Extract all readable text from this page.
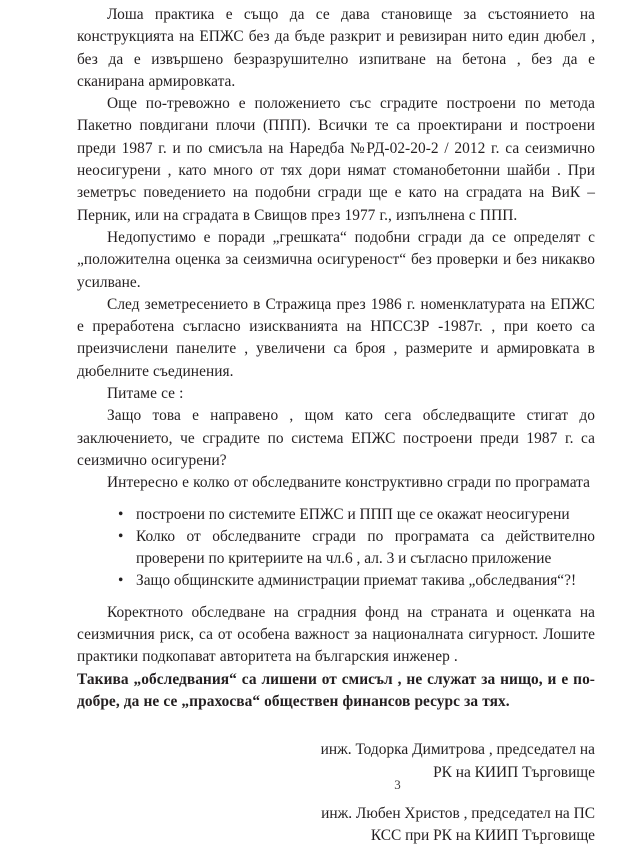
Лоша практика е също да се дава становище за състоянието на конструкцията на ЕПЖС без да бъде разкрит и ревизиран нито един дюбел , без да е извършено безразрушително изпитване на бетона , без да е сканирана армировката.

Още по-тревожно е положението със сградите построени по метода Пакетно повдигани плочи (ППП). Всички те са проектирани и построени преди 1987 г. и по смисъла на Наредба №РД-02-20-2 / 2012 г. са сеизмично неосигурени , като много от тях дори нямат стоманобетонни шайби . При земетръс поведението на подобни сгради ще е като на сградата на ВиК – Перник, или на сградата в Свищов през 1977 г., изпълнена с ППП.

Недопустимо е поради „грешката“ подобни сгради да се определят с „положителна оценка за сеизмична осигуреност“ без проверки и без никакво усилване.

След земетресението в Стражица през 1986 г. номенклатурата на ЕПЖС е преработена съгласно изискванията на НПССЗР -1987г. , при което са преизчислени панелите , увеличени са броя , размерите и армировката в дюбелните съединения.

Питаме се :

Защо това е направено , щом като сега обследващите стигат до заключението, че сградите по система ЕПЖС построени преди 1987 г. са сеизмично осигурени?

Интересно е колко от обследваните конструктивно сгради по програмата

• построени по системите ЕПЖС и ППП ще се окажат неосигурени
• Колко от обследваните сгради по програмата са действително проверени по критериите на чл.6 , ал. 3 и съгласно приложение
• Защо общинските администрации приемат такива „обследвания“?!

Коректното обследване на сградния фонд на страната и оценката на сеизмичния риск, са от особена важност за националната сигурност. Лошите практики подкопават авторитета на българския инженер .

Такива „обследвания“ са лишени от смисъл , не служат за нищо, и е по-добре, да не се „прахосва“ обществен финансов ресурс за тях.

инж. Тодорка Димитрова , председател на
РК на КИИП Търговище
инж. Любен Христов , председател на ПС
КСС при РК на КИИП Търговище
3
